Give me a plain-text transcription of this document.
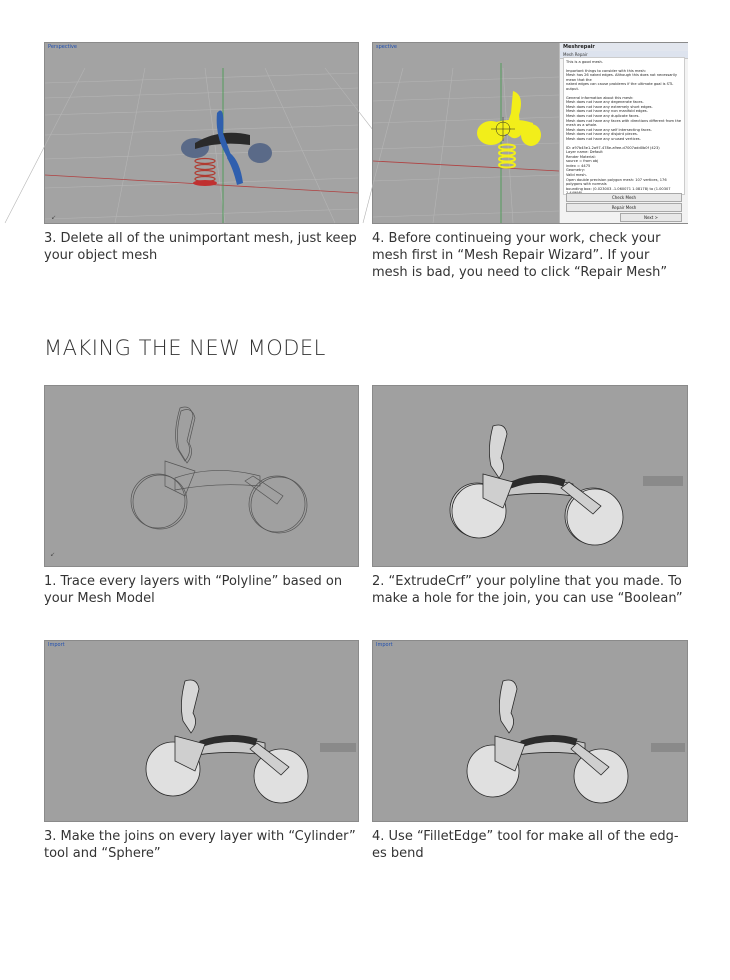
↙
Perspective

3. Delete all of the unimportant mesh, just keep your object mesh

spective	Meshrepair
Mesh Repair
This is a good mesh.
Important things to consider with this mesh:
Mesh has 26 naked edges. Although this does not necessarily mean that the
naked edges can cause problems if the ultimate goal is STL output.
General information about this mesh:
Mesh does not have any degenerate faces.
Mesh does not have any extremely short edges.
Mesh does not have any non manifold edges.
Mesh does not have any duplicate faces.
Mesh does not have any faces with directions different from the mesh as a whole.
Mesh does not have any self intersecting faces.
Mesh does not have any disjoint pieces.
Mesh does not have any unused vertices.
ID: a97b45e1-2a97-478e-a9ee-d7007add0b0f (423)
Layer name: Default
Render Material:
source = from obj
index = 4475
Geometry:
Valid mesh.
Open double precision polygon mesh: 107 vertices, 176 polygons with normals
bounding box: (0.023003 -1.060071 1.08178) to (1.00307
Check Mesh
Repair Mesh
Next >

4. Before continueing your work, check your mesh first in “Mesh Repair Wizard”. If your mesh is bad, you need to click “Repair Mesh”

MAKING THE NEW MODEL
↙

1. Trace every layers with “Polyline” based on your Mesh Model

2. “ExtrudeCrf” your polyline that you made. To make a hole for the join, you can use “Boolean”

Import

3. Make the joins on every layer with “Cylinder” tool and “Sphere”

Import

4. Use “FilletEdge” tool for make all of the edg-es bend
